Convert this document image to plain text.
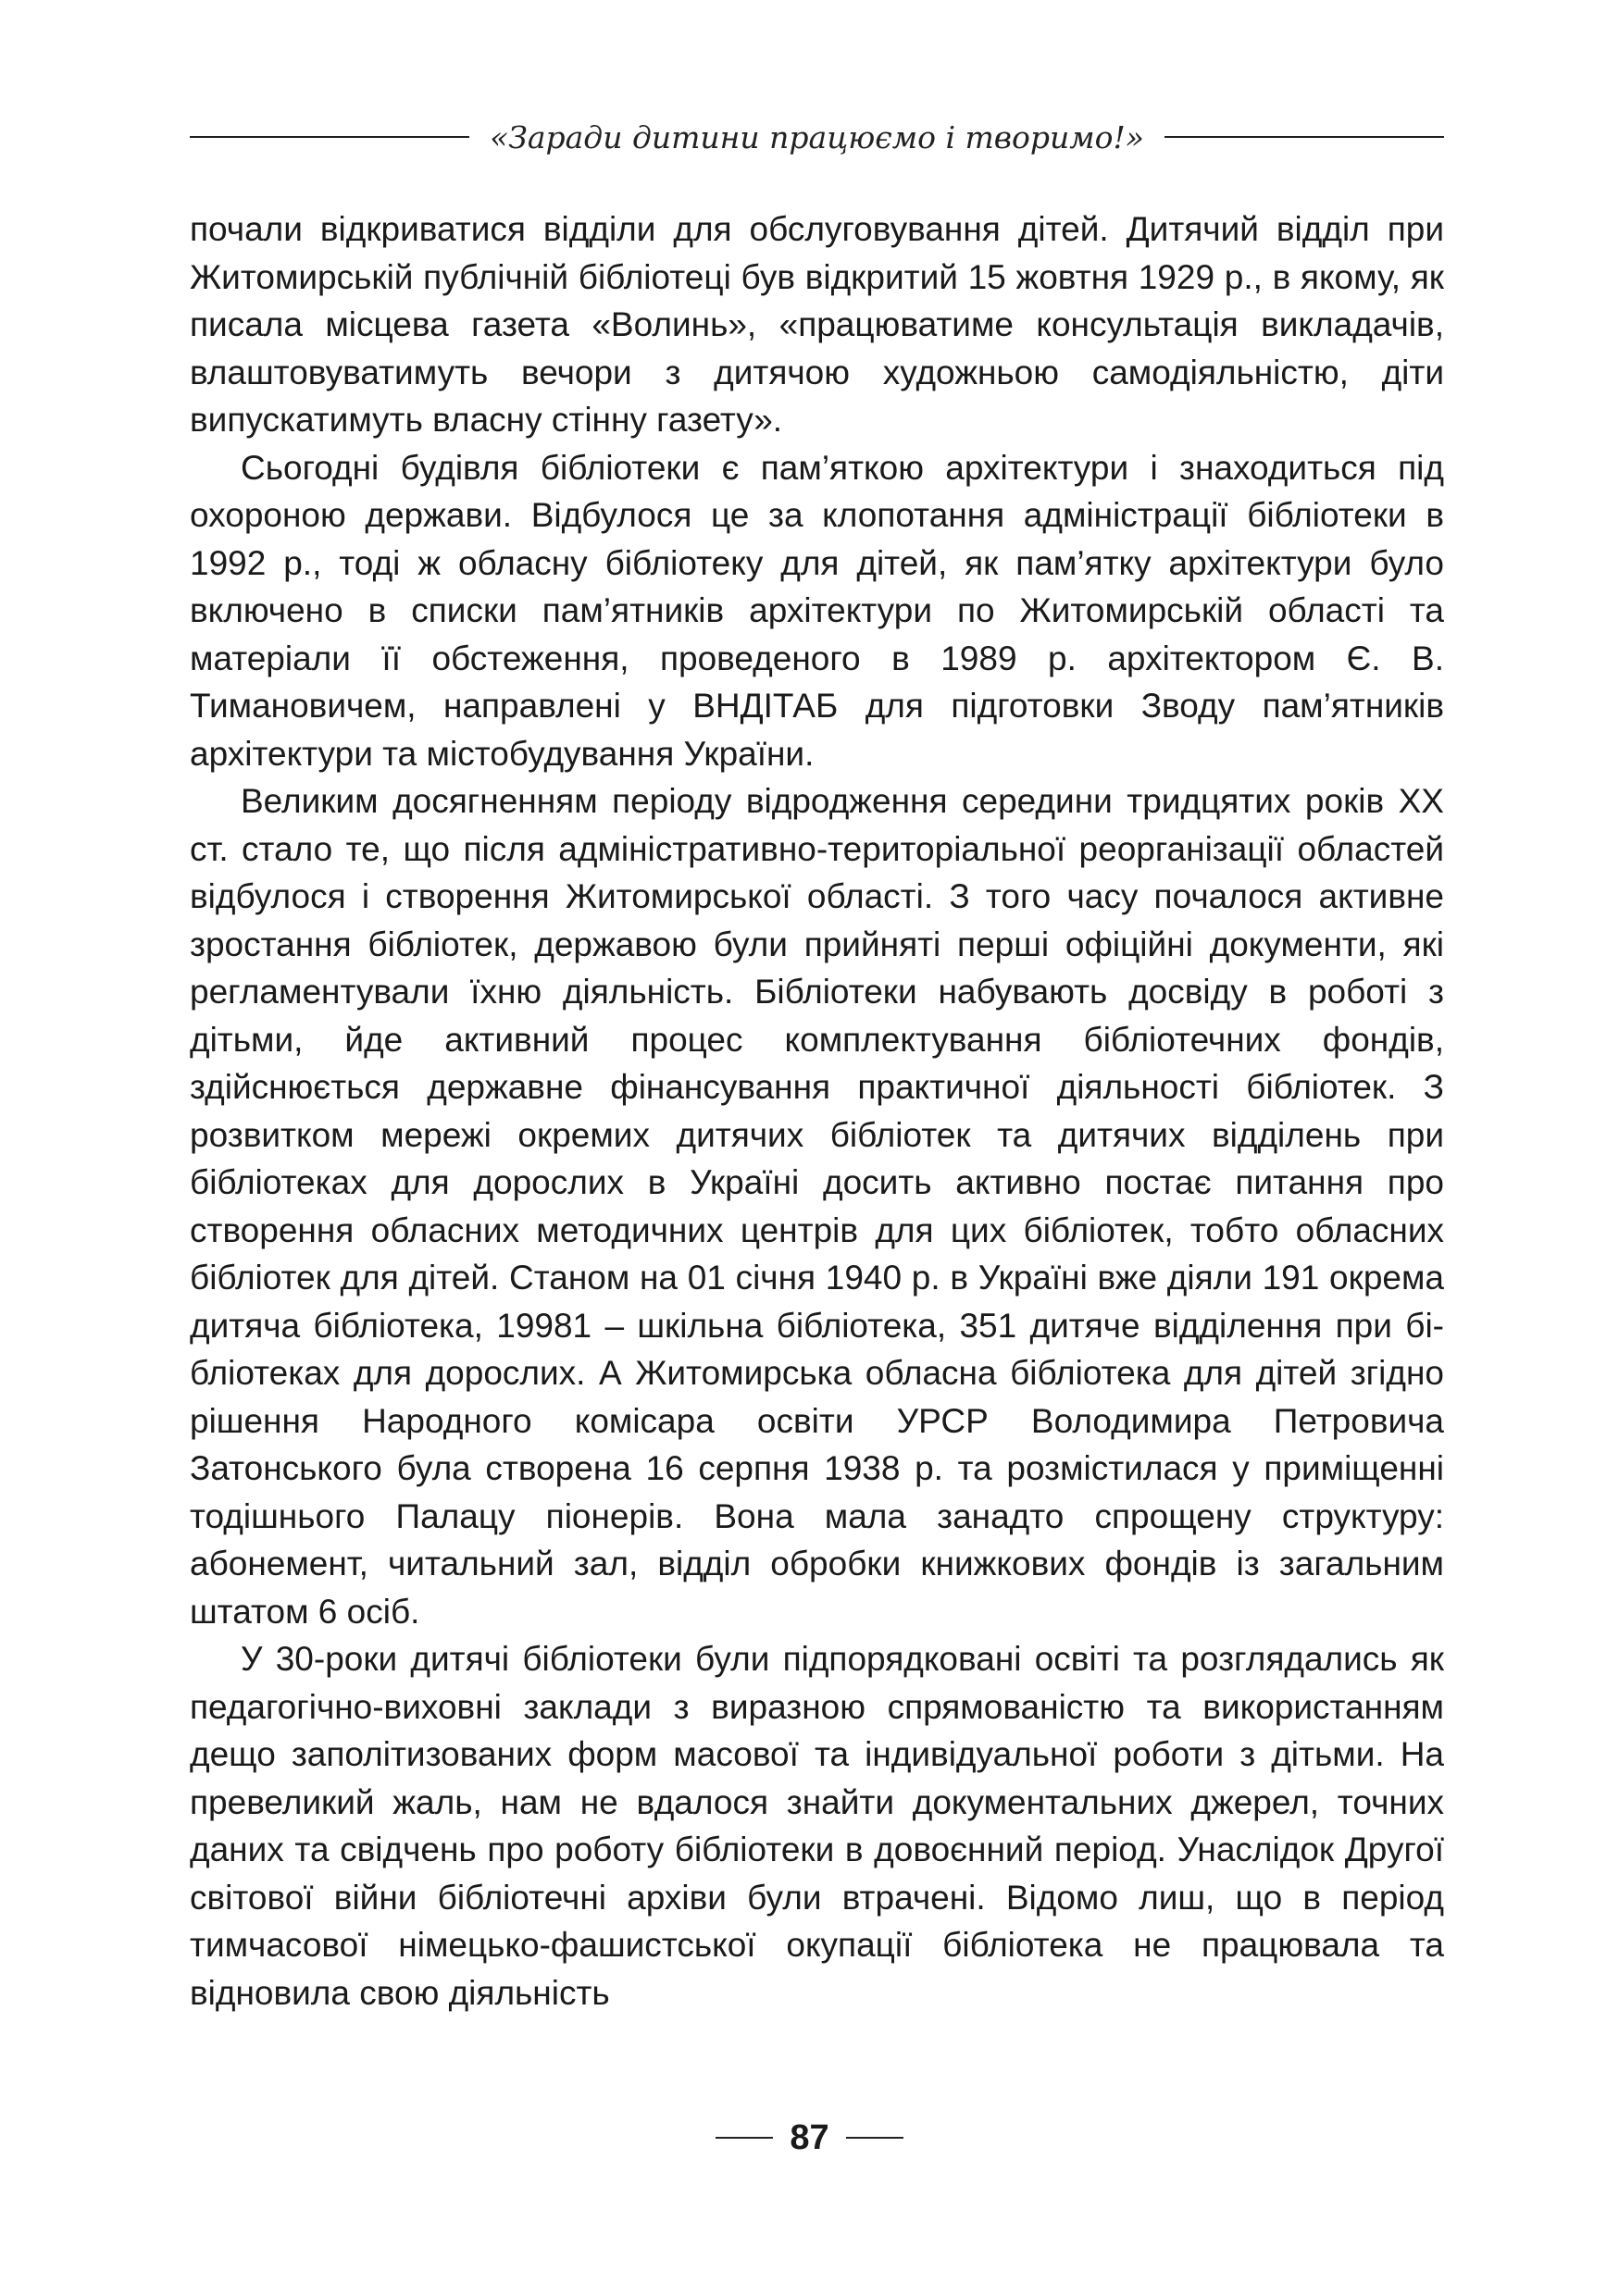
«Заради дитини працюємо і творимо!»

почали відкриватися відділи для обслуговування дітей. Дитячий відділ при Житомирській публічній бібліотеці був відкритий 15 жовтня 1929 р., в якому, як писала місцева газета «Волинь», «працюватиме консультація викладачів, влаштовуватимуть вечори з дитячою художньою самодіяльністю, діти випускатимуть власну стінну газету».

Сьогодні будівля бібліотеки є пам’яткою архітектури і знаходиться під охороною держави. Відбулося це за клопотання адміністрації бібліотеки в 1992 р., тоді ж обласну бібліотеку для дітей, як пам’ятку архітектури було включено в списки пам’ятників архітектури по Житомирській області та матеріали її обстеження, проведеного в 1989 р. архітектором Є. В. Тимановичем, направлені у ВНДІТАБ для підготовки Зводу пам’ятників архітектури та містобудування України.

Великим досягненням періоду відродження середини тридцятих років XX ст. стало те, що після адміністративно-територіальної реорганізації областей відбулося і створення Житомирської області. З того часу почалося активне зростання бібліотек, державою були прийняті перші офіційні документи, які регламентували їхню діяльність. Бібліотеки набувають досвіду в роботі з дітьми, йде активний процес комплектування бібліотечних фондів, здійснюється державне фінансування практичної діяльності бібліотек. З розвитком мережі окремих дитячих бібліотек та дитячих відділень при бібліотеках для дорослих в Україні досить активно постає питання про створення обласних методичних центрів для цих бібліотек, тобто обласних бібліотек для дітей. Станом на 01 січня 1940 р. в Україні вже діяли 191 окрема дитяча бібліотека, 19981 – шкільна бібліотека, 351 дитяче відділення при бібліотеках для дорослих. А Житомирська обласна бібліотека для дітей згідно рішення Народного комісара освіти УРСР Володимира Петровича Затонського була створена 16 серпня 1938 р. та розмістилася у приміщенні тодішнього Палацу піонерів. Вона мала занадто спрощену структуру: абонемент, читальний зал, відділ обробки книжкових фондів із загальним штатом 6 осіб.

У 30-роки дитячі бібліотеки були підпорядковані освіті та розглядались як педагогічно-виховні заклади з виразною спрямованістю та використанням дещо заполітизованих форм масової та індивідуальної роботи з дітьми. На превеликий жаль, нам не вдалося знайти документальних джерел, точних даних та свідчень про роботу бібліотеки в довоєнний період. Унаслідок Другої світової війни бібліотечні архіви були втрачені. Відомо лиш, що в період тимчасової німецько-фашистської окупації бібліотека не працювала та відновила свою діяльність

87
